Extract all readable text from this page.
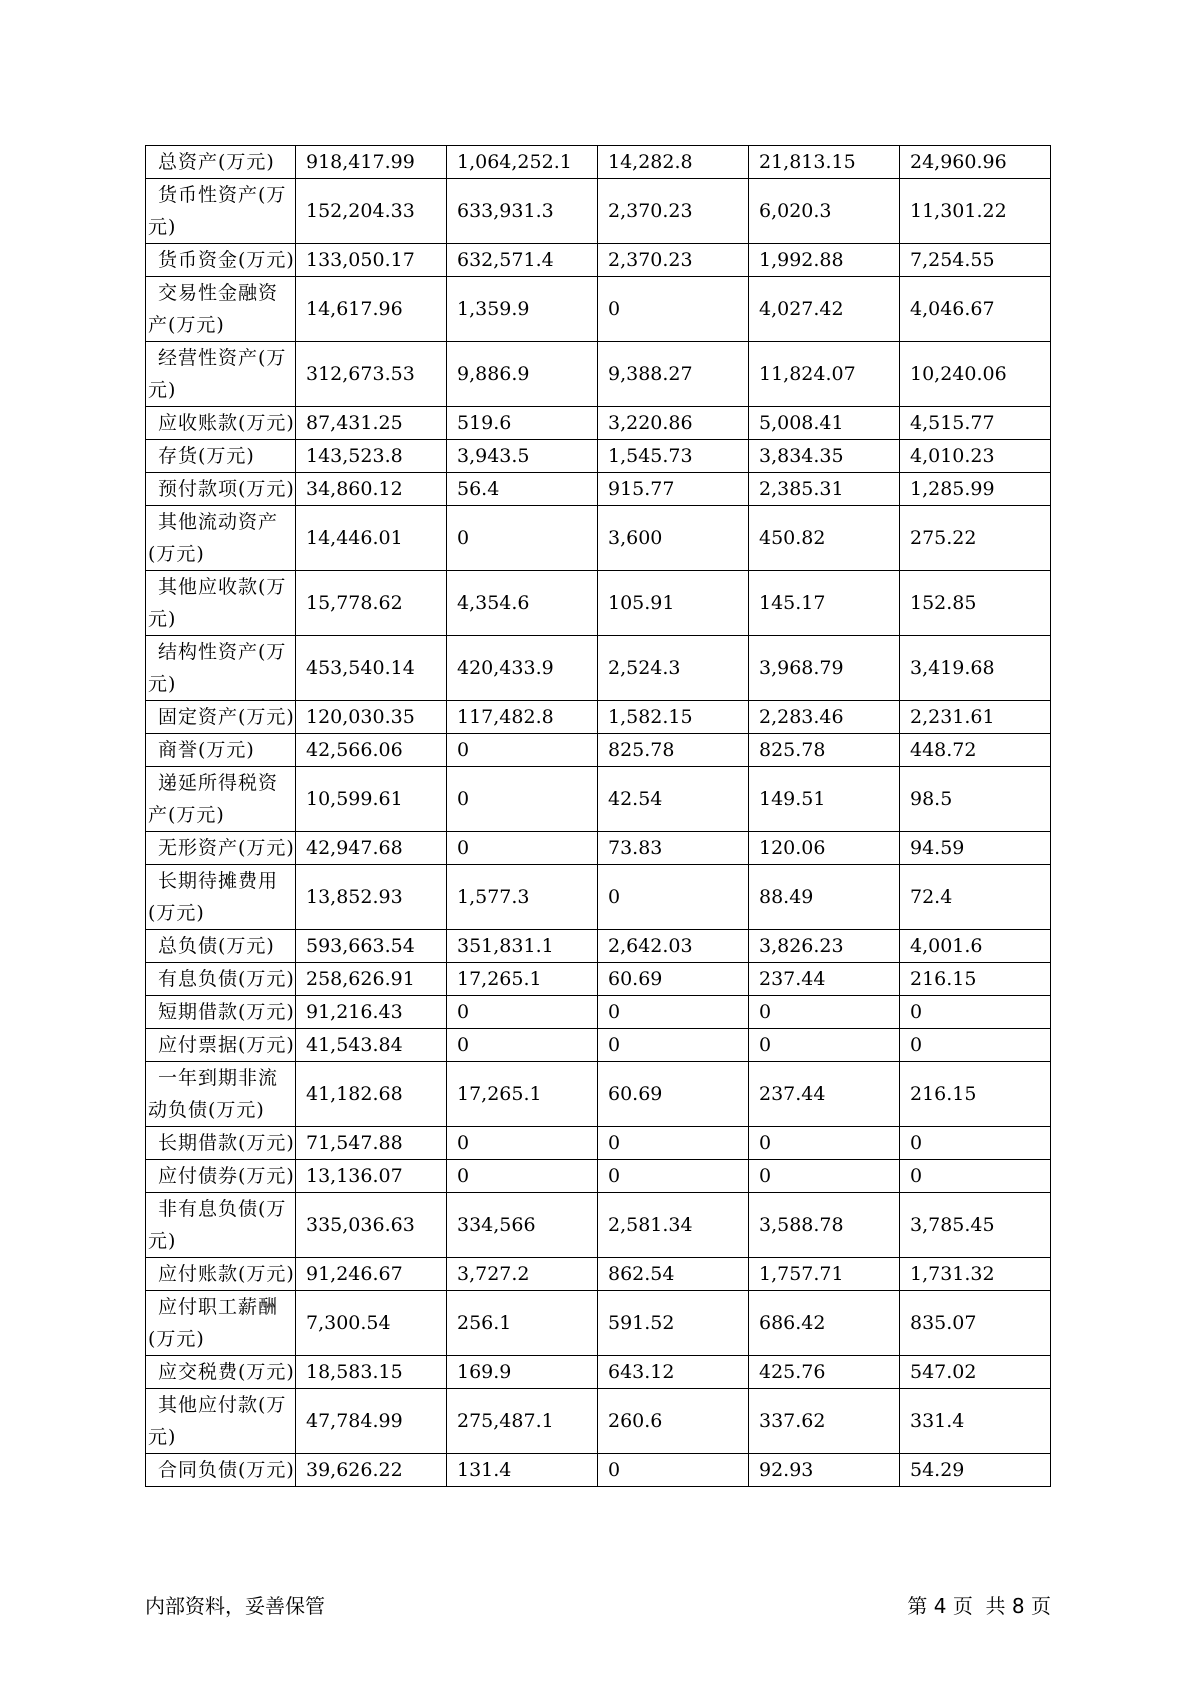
总资产(万元)	918,417.99	1,064,252.1	14,282.8	21,813.15	24,960.96
货币性资产(万元)	152,204.33	633,931.3	2,370.23	6,020.3	11,301.22
货币资金(万元)	133,050.17	632,571.4	2,370.23	1,992.88	7,254.55
交易性金融资产(万元)	14,617.96	1,359.9	0	4,027.42	4,046.67
经营性资产(万元)	312,673.53	9,886.9	9,388.27	11,824.07	10,240.06
应收账款(万元)	87,431.25	519.6	3,220.86	5,008.41	4,515.77
存货(万元)	143,523.8	3,943.5	1,545.73	3,834.35	4,010.23
预付款项(万元)	34,860.12	56.4	915.77	2,385.31	1,285.99
其他流动资产(万元)	14,446.01	0	3,600	450.82	275.22
其他应收款(万元)	15,778.62	4,354.6	105.91	145.17	152.85
结构性资产(万元)	453,540.14	420,433.9	2,524.3	3,968.79	3,419.68
固定资产(万元)	120,030.35	117,482.8	1,582.15	2,283.46	2,231.61
商誉(万元)	42,566.06	0	825.78	825.78	448.72
递延所得税资产(万元)	10,599.61	0	42.54	149.51	98.5
无形资产(万元)	42,947.68	0	73.83	120.06	94.59
长期待摊费用(万元)	13,852.93	1,577.3	0	88.49	72.4
总负债(万元)	593,663.54	351,831.1	2,642.03	3,826.23	4,001.6
有息负债(万元)	258,626.91	17,265.1	60.69	237.44	216.15
短期借款(万元)	91,216.43	0	0	0	0
应付票据(万元)	41,543.84	0	0	0	0
一年到期非流动负债(万元)	41,182.68	17,265.1	60.69	237.44	216.15
长期借款(万元)	71,547.88	0	0	0	0
应付债券(万元)	13,136.07	0	0	0	0
非有息负债(万元)	335,036.63	334,566	2,581.34	3,588.78	3,785.45
应付账款(万元)	91,246.67	3,727.2	862.54	1,757.71	1,731.32
应付职工薪酬(万元)	7,300.54	256.1	591.52	686.42	835.07
应交税费(万元)	18,583.15	169.9	643.12	425.76	547.02
其他应付款(万元)	47,784.99	275,487.1	260.6	337.62	331.4
合同负债(万元)	39,626.22	131.4	0	92.93	54.29
内部资料，妥善保管	第 4 页 共 8 页
